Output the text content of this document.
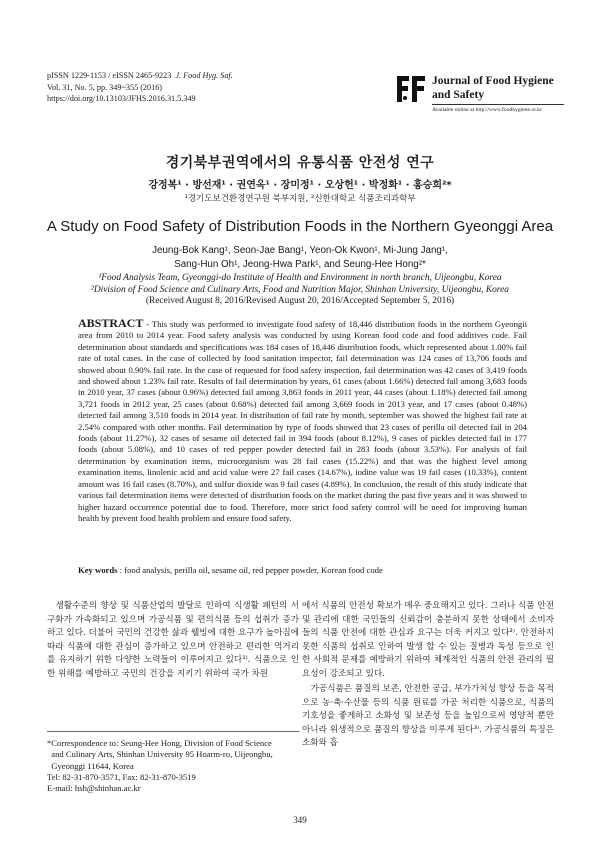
pISSN 1229-1153 / eISSN 2465-9223 J. Food Hyg. Saf.
Vol. 31, No. 5, pp. 349~355 (2016)
https://doi.org/10.13103/JFHS.2016.31.5.349
Journal of Food Hygiene
and Safety
Available online at http://www.foodhygiene.or.kr
경기북부권역에서의 유통식품 안전성 연구
강정복¹ · 방선재¹ · 권연옥¹ · 장미정¹ · 오상헌¹ · 박정화¹ · 홍승희²*
¹경기도보건환경연구원 북부지원, ²신한대학교 식품조리과학부
A Study on Food Safety of Distribution Foods in the Northern Gyeonggi Area
Jeung-Bok Kang¹, Seon-Jae Bang¹, Yeon-Ok Kwon¹, Mi-Jung Jang¹,
Sang-Hun Oh¹, Jeong-Hwa Park¹, and Seung-Hee Hong²*
¹Food Analysis Team, Gyeonggi-do Institute of Health and Environment in north branch, Uijeongbu, Korea
²Division of Food Science and Culinary Arts, Food and Nutrition Major, Shinhan University, Uijeongbu, Korea
(Received August 8, 2016/Revised August 20, 2016/Accepted September 5, 2016)
ABSTRACT - This study was performed to investigate food safety of 18,446 distribution foods in the northern Gyeongii area from 2010 to 2014 year. Food safety analysis was conducted by using Korean food code and food additives code. Fail determination about standards and specifications was 184 cases of 18,446 distribution foods, which represented about 1.00% fail rate of total cases. In the case of collected by food sanitation inspector, fail determination was 124 cases of 13,706 foods and showed about 0.90% fail rate. In the case of requested for food safety inspection, fail determination was 42 cases of 3,419 foods and showed about 1.23% fail rate. Results of fail determination by years, 61 cases (about 1.66%) detected fail among 3,683 foods in 2010 year, 37 cases (about 0.96%) detected fail among 3,863 foods in 2011 year, 44 cases (about 1.18%) detected fail among 3,721 foods in 2012 year, 25 cases (about 0.68%) detected fail among 3,669 foods in 2013 year, and 17 cases (about 0.48%) detected fail among 3,510 foods in 2014 year. In distribution of fail rate by month, september was showed the highest fail rate at 2.54% compared with other months. Fail determination by type of foods showed that 23 cases of perilla oil detected fail in 204 foods (about 11.27%), 32 cases of sesame oil detected fail in 394 foods (about 8.12%), 9 cases of pickles detected fail in 177 foods (about 5.08%), and 10 cases of red pepper powder detected fail in 283 foods (about 3.53%). For analysis of fail determination by examination items, microorganism was 28 fail cases (15.22%) and that was the highest level among examination items, linolenic acid and acid value were 27 fail cases (14.67%), iodine value was 19 fail cases (10.33%), content amount was 16 fail cases (8.70%), and sulfur dioxide was 9 fail cases (4.89%). In conclusion, the result of this study indicate that various fail determination items were detected of distribution foods on the market during the past five years and it was showed to higher hazard occurrence potential due to food. Therefore, more strict food safety control will be need for improving human health by prevent food health problem and ensure food safety.
Key words : food analysis, perilla oil, sesame oil, red pepper powder, Korean food code

생활수준의 향상 및 식품산업의 발달로 인하여 식생활 패턴의 서구화가 가속화되고 있으며 가공식품 및 편의식품 등의 섭취가 증가하고 있다. 더불어 국민의 건강한 삶과 웰빙에 대한 요구가 높아짐에 따라 식품에 대한 관심이 증가하고 있으며 안전하고 편리한 먹거리를 유지하기 위한 다양한 노력들이 이루어지고 있다¹⁾. 식품으로 인한 위해를 예방하고 국민의 건강을 지키기 위하여 국가 차원

에서 식품의 안전성 확보가 매우 중요해지고 있다. 그러나 식품 안전 및 관리에 대한 국민들의 신뢰감이 충분하지 못한 상태에서 소비자들의 식품 안전에 대한 관심과 요구는 더욱 커지고 있다²⁾. 안전하지 못한 식품의 섭취로 인하여 발생 할 수 있는 질병과 독성 등으로 인한 사회적 문제를 예방하기 위하여 체계적인 식품의 안전 관리의 필요성이 강조되고 있다.

가공식품은 품질의 보존, 안전한 공급, 부가가치성 향상 등을 목적으로 농·축·수산물 등의 식품 원료를 가공 처리한 식품으로, 식품의 기호성을 좋게하고 소화성 및 보존성 등을 높임으로써 영양적 뿐만 아니라 위생적으로 품질의 향상을 이루게 된다³⁾. 가공식품의 특징은 소화와 흡

*Correspondence to: Seung-Hee Hong, Division of Food Science
and Culinary Arts, Shinhan University 95 Hoarm-ro, Uijeongbu,
Gyeonggi 11644, Korea
Tel: 82-31-870-3571, Fax: 82-31-870-3519
E-mail: hsh@shinhan.ac.kr
349
